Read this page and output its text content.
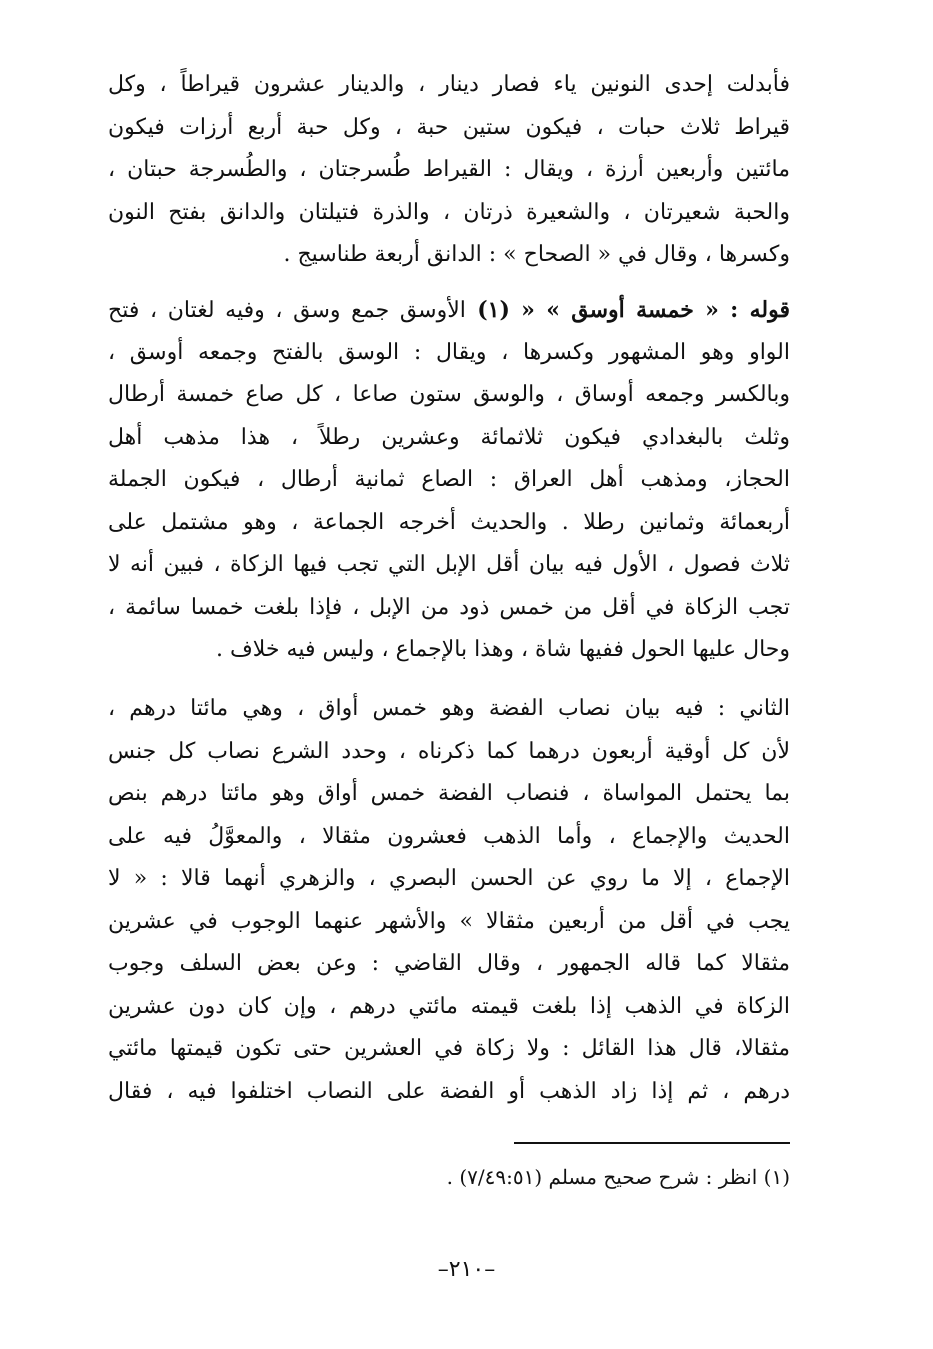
فأبدلت إحدى النونين ياء فصار دينار ، والدينار عشرون قيراطاً ، وكل
قيراط ثلاث حبات ، فيكون ستين حبة ، وكل حبة أربع أرزات فيكون
مائتين وأربعين أرزة ، ويقال : القيراط طُسرجتان ، والطُسرجة حبتان ،
والحبة شعيرتان ، والشعيرة ذرتان ، والذرة فتيلتان والدانق بفتح النون
وكسرها ، وقال في « الصحاح » : الدانق أربعة طناسيج .
قوله : « خمسة أوسق » « (١) الأوسق جمع وسق ، وفيه لغتان ، فتح
الواو وهو المشهور وكسرها ، ويقال : الوسق بالفتح وجمعه أوسق ،
وبالكسر وجمعه أوساق ، والوسق ستون صاعا ، كل صاع خمسة أرطال
وثلث بالبغدادي فيكون ثلاثمائة وعشرين رطلاً ، هذا مذهب أهل
الحجاز، ومذهب أهل العراق : الصاع ثمانية أرطال ، فيكون الجملة
أربعمائة وثمانين رطلا . والحديث أخرجه الجماعة ، وهو مشتمل على
ثلاث فصول ، الأول فيه بيان أقل الإبل التي تجب فيها الزكاة ، فبين أنه لا
تجب الزكاة في أقل من خمس ذود من الإبل ، فإذا بلغت خمسا سائمة ،
وحال عليها الحول ففيها شاة ، وهذا بالإجماع ، وليس فيه خلاف .
الثاني : فيه بيان نصاب الفضة وهو خمس أواق ، وهي مائتا درهم ،
لأن كل أوقية أربعون درهما كما ذكرناه ، وحدد الشرع نصاب كل جنس
بما يحتمل المواساة ، فنصاب الفضة خمس أواق وهو مائتا درهم بنص
الحديث والإجماع ، وأما الذهب فعشرون مثقالا ، والمعوَّلُ فيه على
الإجماع ، إلا ما روي عن الحسن البصري ، والزهري أنهما قالا : « لا
يجب في أقل من أربعين مثقالا » والأشهر عنهما الوجوب في عشرين
مثقالا كما قاله الجمهور ، وقال القاضي : وعن بعض السلف وجوب
الزكاة في الذهب إذا بلغت قيمته مائتي درهم ، وإن كان دون عشرين
مثقالا، قال هذا القائل : ولا زكاة في العشرين حتى تكون قيمتها مائتي
درهم ، ثم إذا زاد الذهب أو الفضة على النصاب اختلفوا فيه ، فقال
(١) انظر : شرح صحيح مسلم (٧/٤٩:٥١) .
–٢١٠–
